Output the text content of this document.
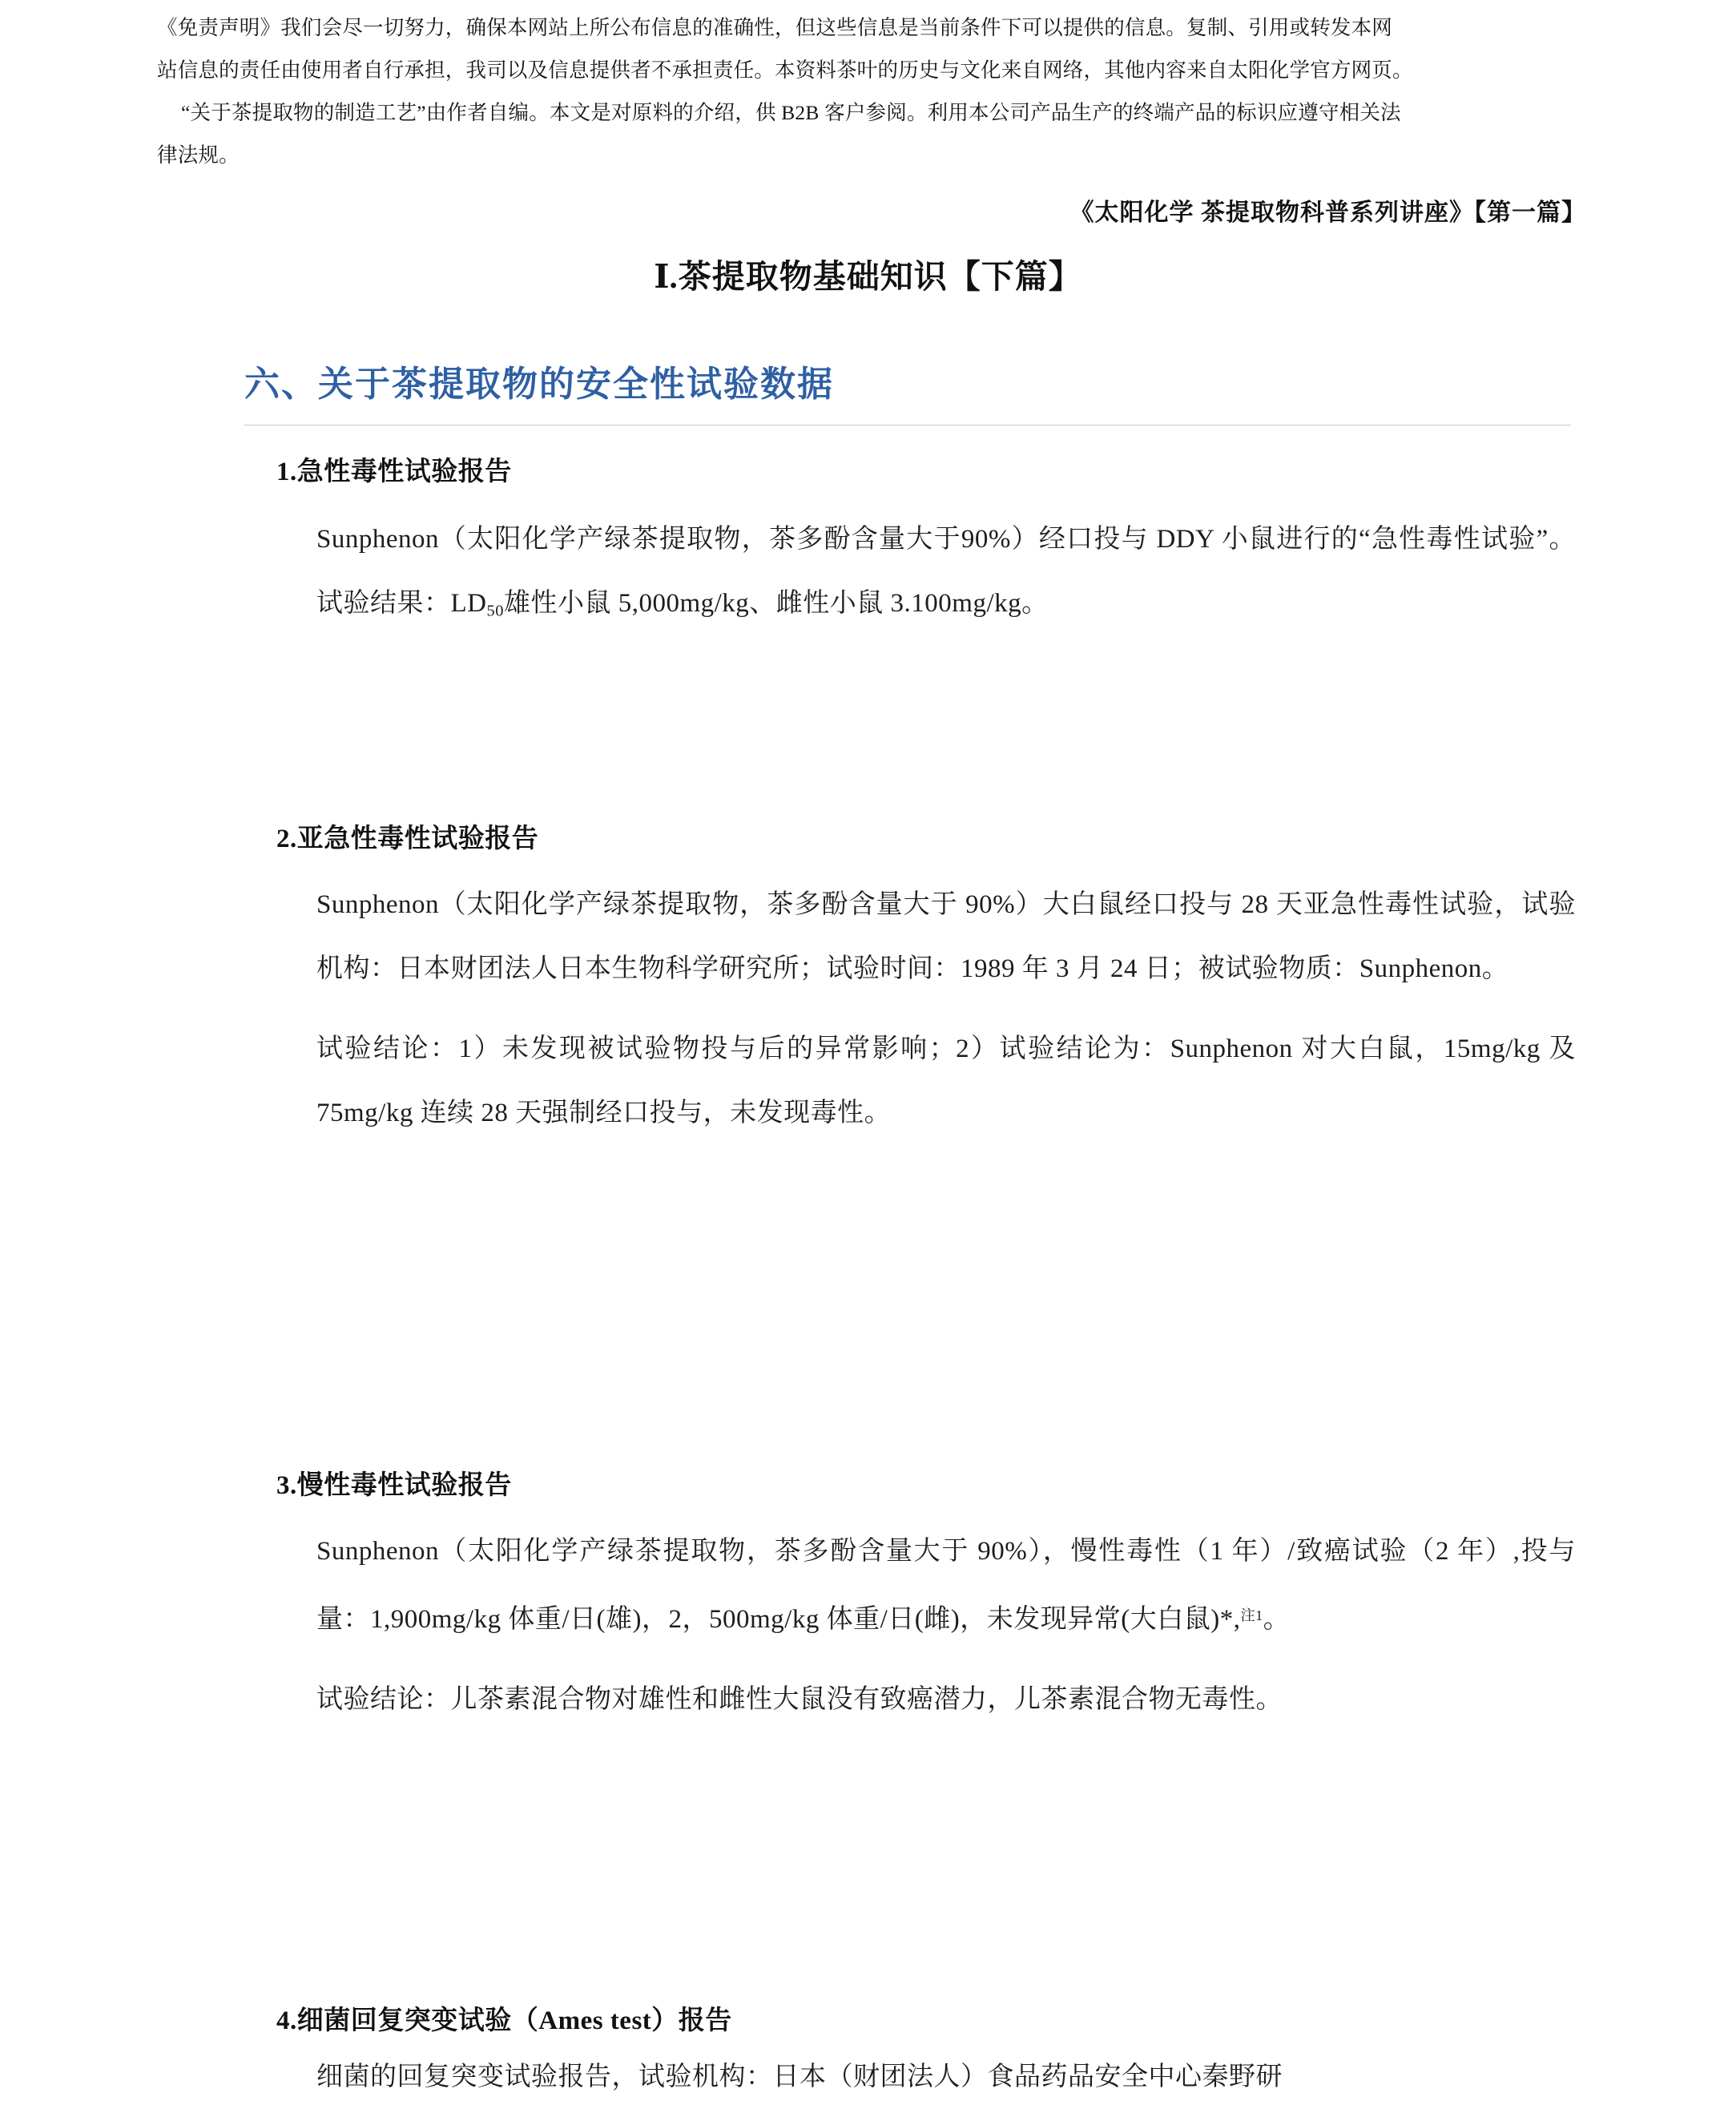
《免责声明》我们会尽一切努力，确保本网站上所公布信息的准确性，但这些信息是当前条件下可以提供的信息。复制、引用或转发本网

站信息的责任由使用者自行承担，我司以及信息提供者不承担责任。本资料茶叶的历史与文化来自网络，其他内容来自太阳化学官方网页。

“关于茶提取物的制造工艺”由作者自编。本文是对原料的介绍，供 B2B 客户参阅。利用本公司产品生产的终端产品的标识应遵守相关法

律法规。

《太阳化学 茶提取物科普系列讲座》【第一篇】
Ⅰ.茶提取物基础知识【下篇】
六、关于茶提取物的安全性试验数据

1.急性毒性试验报告

Sunphenon（太阳化学产绿茶提取物，茶多酚含量大于90%）经口投与 DDY 小鼠进行的“急性毒性试验”。试验结果：$LD_{50}$雄性小鼠 5,000mg/kg、雌性小鼠 3.100mg/kg。

2.亚急性毒性试验报告

Sunphenon（太阳化学产绿茶提取物，茶多酚含量大于 90%）大白鼠经口投与 28 天亚急性毒性试验，试验机构：日本财团法人日本生物科学研究所；试验时间：1989 年 3 月 24 日；被试验物质：Sunphenon。

试验结论：1）未发现被试验物投与后的异常影响；2）试验结论为：Sunphenon 对大白鼠，15mg/kg 及 75mg/kg 连续 28 天强制经口投与，未发现毒性。

3.慢性毒性试验报告

Sunphenon（太阳化学产绿茶提取物，茶多酚含量大于 90%），慢性毒性（1 年）/致癌试验（2 年）,投与量：1,900mg/kg 体重/日(雄)，2，500mg/kg 体重/日(雌)，未发现异常(大白鼠)*,$^{注1}$。

试验结论：儿茶素混合物对雄性和雌性大鼠没有致癌潜力，儿茶素混合物无毒性。

4.细菌回复突变试验（Ames test）报告

细菌的回复突变试验报告，试验机构：日本（财团法人）食品药品安全中心秦野研
